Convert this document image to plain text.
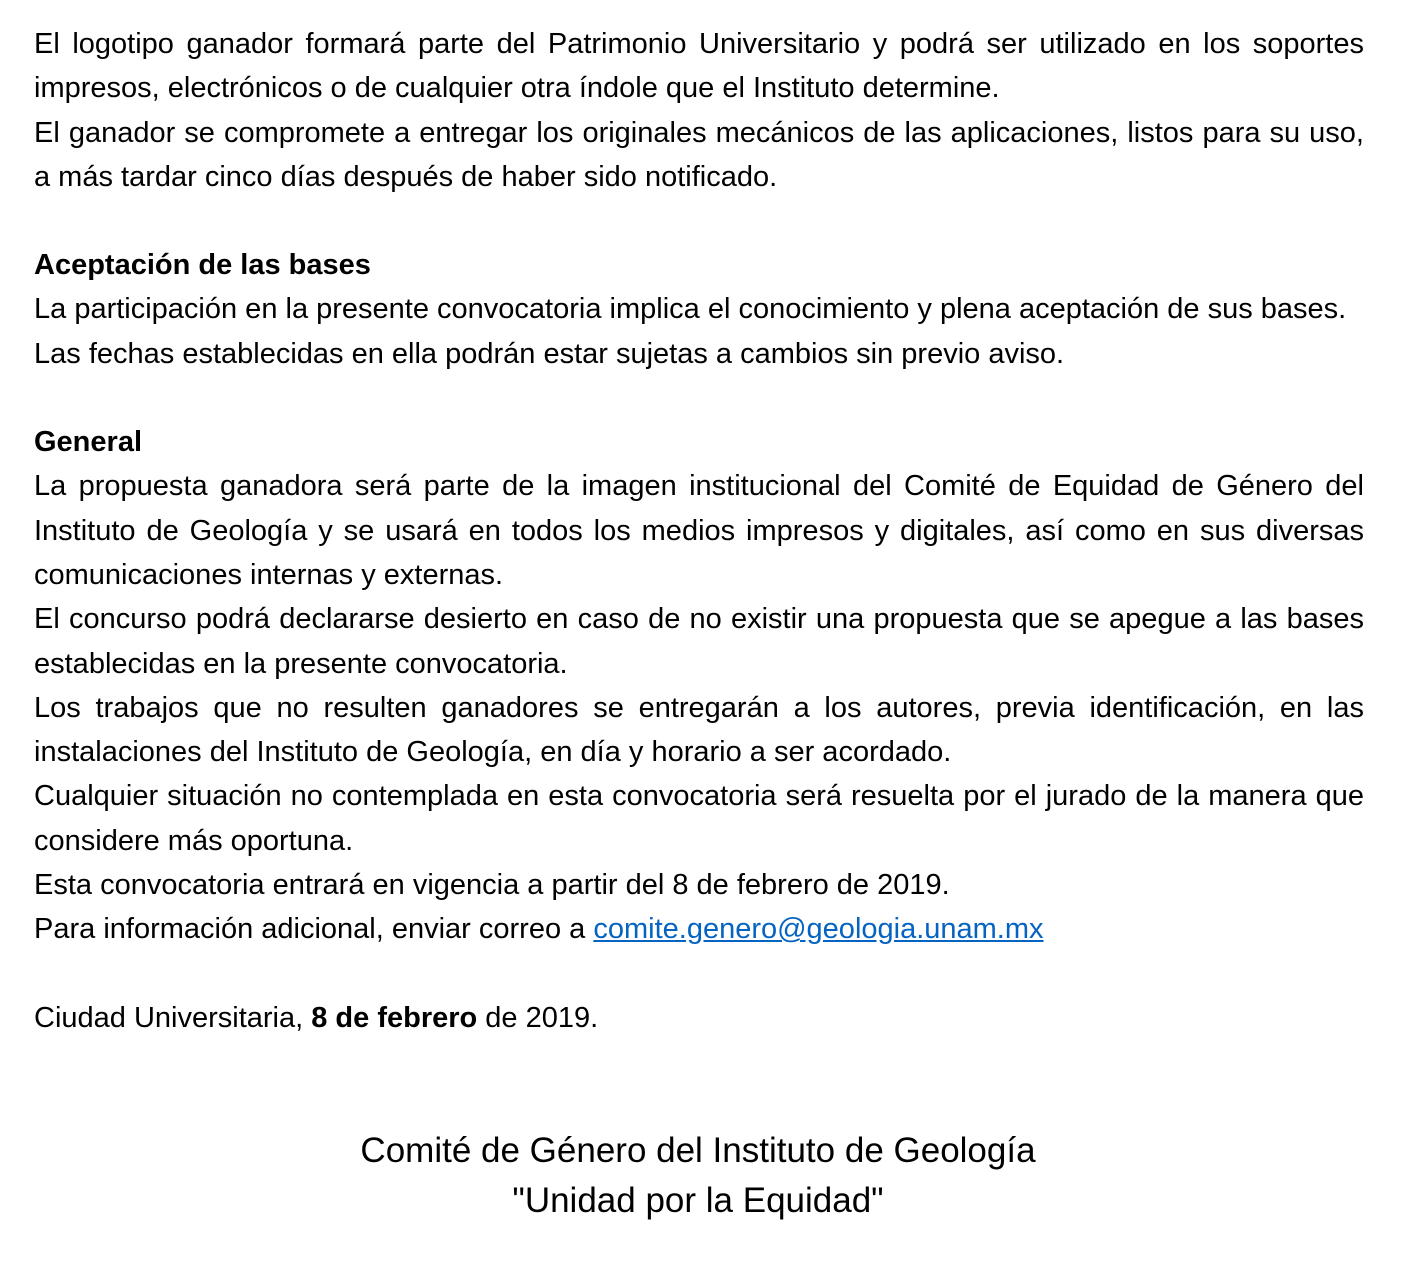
El logotipo ganador formará parte del Patrimonio Universitario y podrá ser utilizado en los soportes impresos, electrónicos o de cualquier otra índole que el Instituto determine.

El ganador se compromete a entregar los originales mecánicos de las aplicaciones, listos para su uso, a más tardar cinco días después de haber sido notificado.

Aceptación de las bases

La participación en la presente convocatoria implica el conocimiento y plena aceptación de sus bases.

Las fechas establecidas en ella podrán estar sujetas a cambios sin previo aviso.

General

La propuesta ganadora será parte de la imagen institucional del Comité de Equidad de Género del Instituto de Geología y se usará en todos los medios impresos y digitales, así como en sus diversas comunicaciones internas y externas.

El concurso podrá declararse desierto en caso de no existir una propuesta que se apegue a las bases establecidas en la presente convocatoria.

Los trabajos que no resulten ganadores se entregarán a los autores, previa identificación, en las instalaciones del Instituto de Geología, en día y horario a ser acordado.

Cualquier situación no contemplada en esta convocatoria será resuelta por el jurado de la manera que considere más oportuna.

Esta convocatoria entrará en vigencia a partir del 8 de febrero de 2019.

Para información adicional, enviar correo a comite.genero@geologia.unam.mx

Ciudad Universitaria, 8 de febrero de 2019.

Comité de Género del Instituto de Geología
"Unidad por la Equidad"
